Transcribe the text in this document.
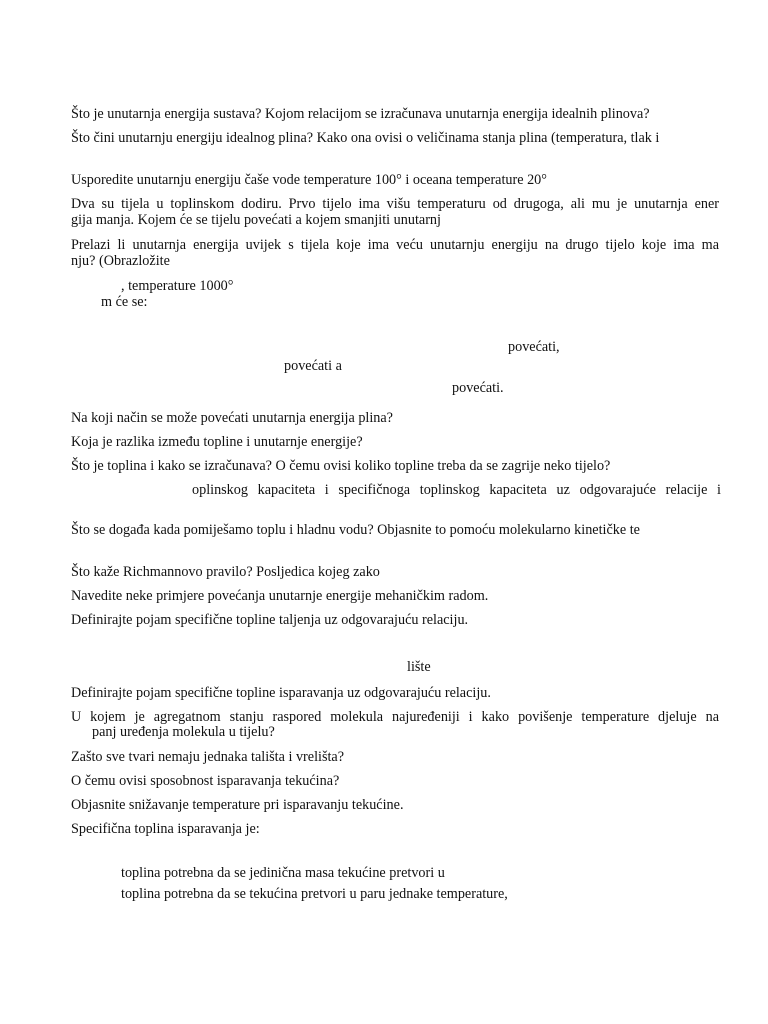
Što je unutarnja energija sustava? Kojom relacijom se izračunava unutarnja energija idealnih plinova?
Što čini unutarnju energiju idealnog plina? Kako ona ovisi o veličinama stanja plina (temperatura, tlak i
Usporedite unutarnju energiju čaše vode temperature 100° i oceana temperature 20°
Dva su tijela u toplinskom dodiru. Prvo tijelo ima višu temperaturu od drugoga, ali mu je unutarnja ener
gija manja. Kojem će se tijelu povećati a kojem smanjiti unutarnj
Prelazi li unutarnja energija uvijek s tijela koje ima veću unutarnju energiju na drugo tijelo koje ima ma
nju? (Obrazložite
, temperature 1000°
m će se:
povećati,
povećati a
povećati.
Na koji način se može povećati unutarnja energija plina?
Koja je razlika između topline i unutarnje energije?
Što je toplina i kako se izračunava? O čemu ovisi koliko topline treba da se zagrije neko tijelo?
oplinskog kapaciteta i specifičnoga toplinskog kapaciteta uz odgovarajuće relacije i
Što se događa kada pomiješamo toplu i hladnu vodu? Objasnite to pomoću molekularno kinetičke te
Što kaže Richmannovo pravilo? Posljedica kojeg zako
Navedite neke primjere povećanja unutarnje energije mehaničkim radom.
Definirajte pojam specifične topline taljenja uz odgovarajuću relaciju.
lište
Definirajte pojam specifične topline isparavanja uz odgovarajuću relaciju.
U kojem je agregatnom stanju raspored molekula najuređeniji i kako povišenje temperature djeluje na
panj uređenja molekula u tijelu?
Zašto sve tvari nemaju jednaka tališta i vrelišta?
O čemu ovisi sposobnost isparavanja tekućina?
Objasnite snižavanje temperature pri isparavanju tekućine.
Specifična toplina isparavanja je:
toplina potrebna da se jedinična masa tekućine pretvori u
toplina potrebna da se tekućina pretvori u paru jednake temperature,
